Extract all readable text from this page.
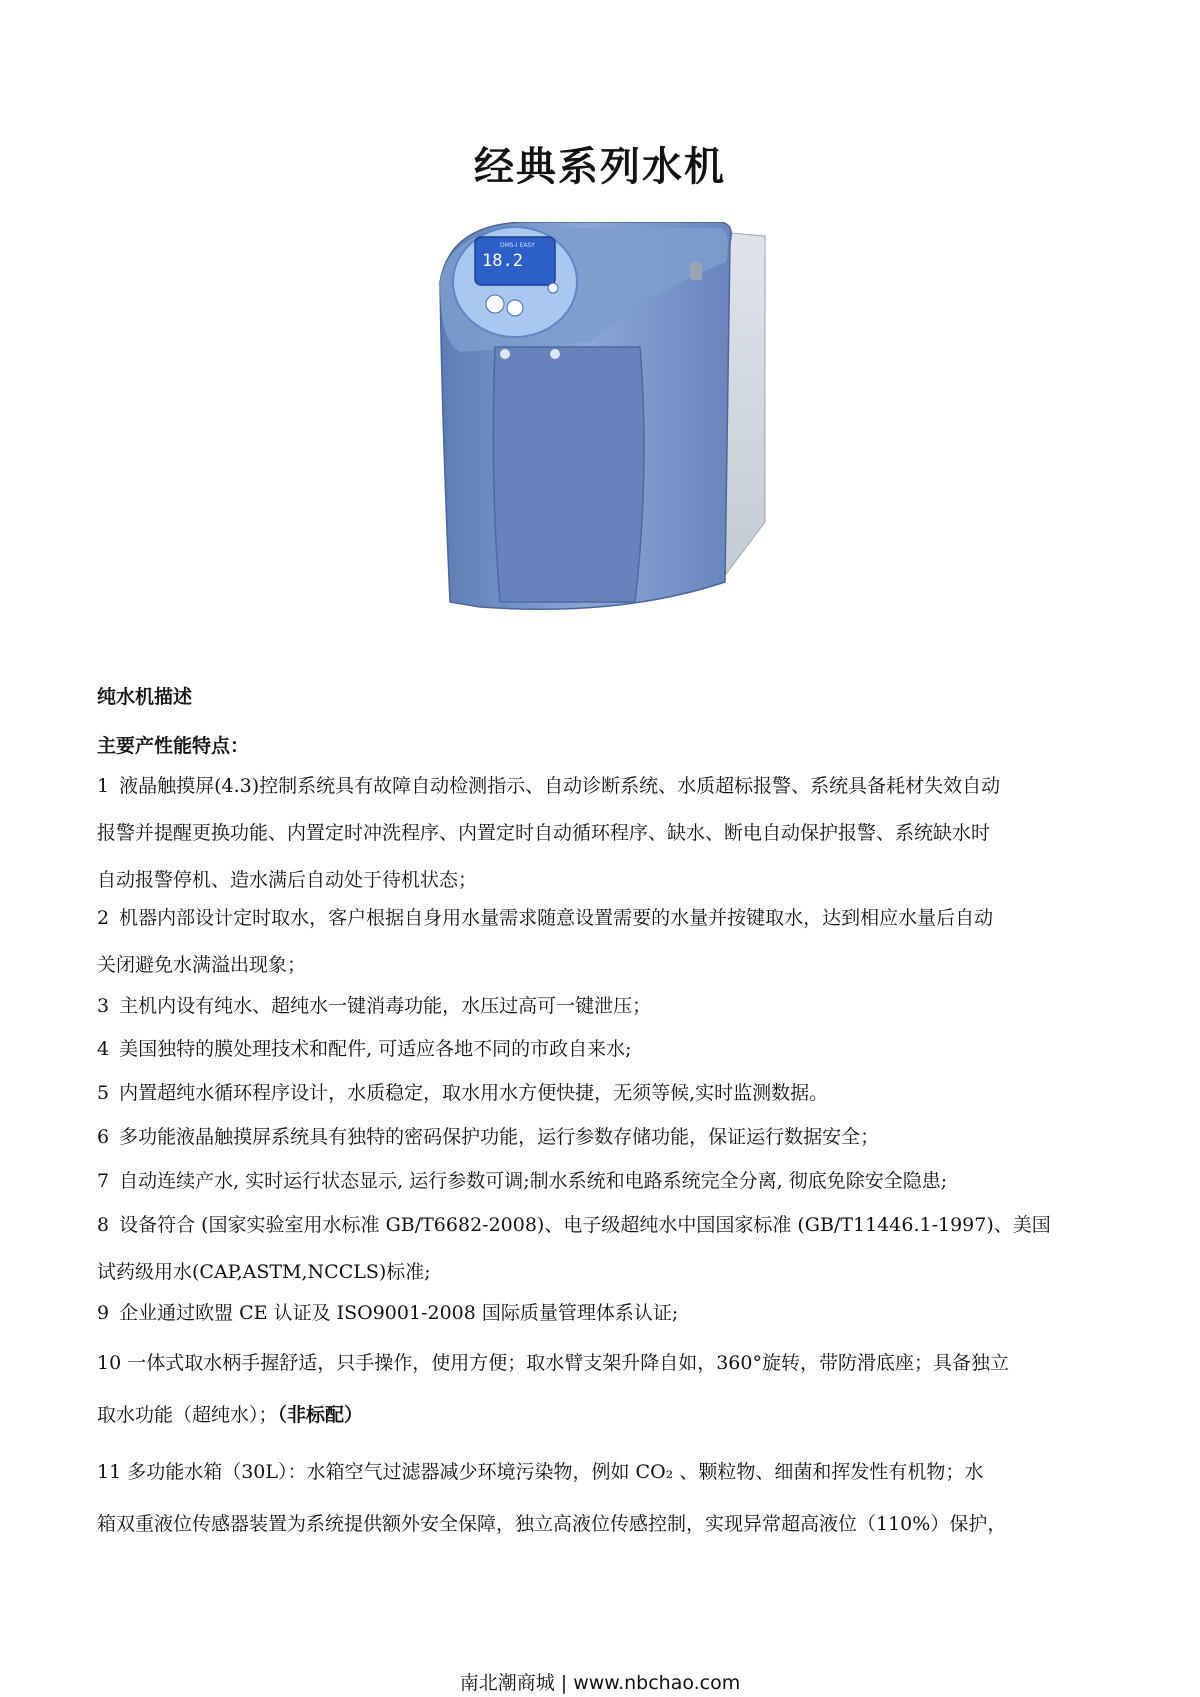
经典系列水机
18.2
DMS-I EASY
纯水机描述
主要产性能特点：
1 液晶触摸屏(4.3)控制系统具有故障自动检测指示、自动诊断系统、水质超标报警、系统具备耗材失效自动
报警并提醒更换功能、内置定时冲洗程序、内置定时自动循环程序、缺水、断电自动保护报警、系统缺水时
自动报警停机、造水满后自动处于待机状态；
2 机器内部设计定时取水，客户根据自身用水量需求随意设置需要的水量并按键取水，达到相应水量后自动
关闭避免水满溢出现象；
3 主机内设有纯水、超纯水一键消毒功能，水压过高可一键泄压；
4 美国独特的膜处理技术和配件, 可适应各地不同的市政自来水;
5 内置超纯水循环程序设计，水质稳定，取水用水方便快捷，无须等候,实时监测数据。
6 多功能液晶触摸屏系统具有独特的密码保护功能，运行参数存储功能，保证运行数据安全；
7 自动连续产水, 实时运行状态显示, 运行参数可调;制水系统和电路系统完全分离, 彻底免除安全隐患;
8 设备符合 (国家实验室用水标准 GB/T6682-2008)、电子级超纯水中国国家标准 (GB/T11446.1-1997)、美国
试药级用水(CAP,ASTM,NCCLS)标准;
9 企业通过欧盟 CE 认证及 ISO9001-2008 国际质量管理体系认证;
10 一体式取水柄手握舒适，只手操作，使用方便；取水臂支架升降自如，360°旋转，带防滑底座；具备独立
取水功能（超纯水）；（非标配）
11 多功能水箱（30L）：水箱空气过滤器减少环境污染物，例如 CO₂ 、颗粒物、细菌和挥发性有机物；水
箱双重液位传感器装置为系统提供额外安全保障，独立高液位传感控制，实现异常超高液位（110%）保护，
南北潮商城 | www.nbchao.com
